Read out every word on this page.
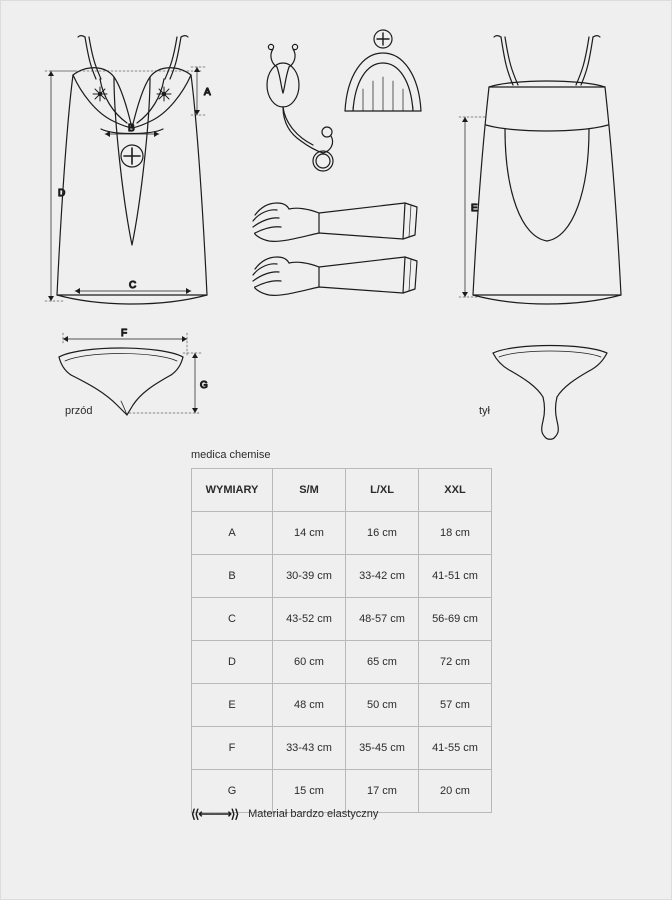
A
B
C
D
E
F
G
przód	tył
medica chemise
WYMIARY	S/M	L/XL	XXL
A	14 cm	16 cm	18 cm
B	30-39 cm	33-42 cm	41-51 cm
C	43-52 cm	48-57 cm	56-69 cm
D	60 cm	65 cm	72 cm
E	48 cm	50 cm	57 cm
F	33-43 cm	35-45 cm	41-55 cm
G	15 cm	17 cm	20 cm
⟨⟨⟵⟶⟩⟩ Materiał bardzo elastyczny
